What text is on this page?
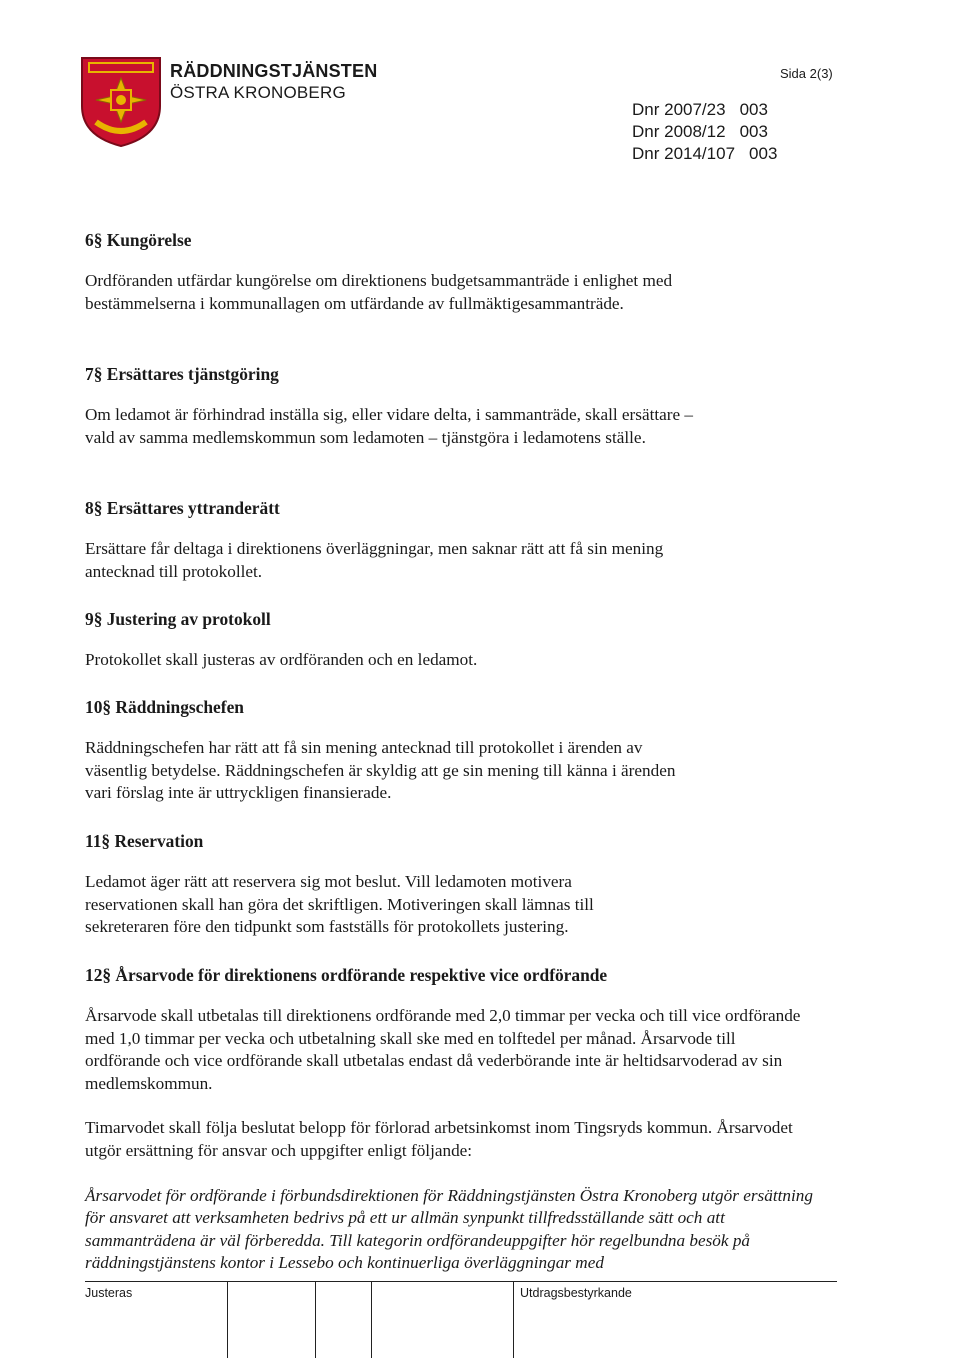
RÄDDNINGSTJÄNSTEN
ÖSTRA KRONOBERG
Sida 2(3)
Dnr 2007/23 003
Dnr 2008/12 003
Dnr 2014/107 003
6§ Kungörelse

Ordföranden utfärdar kungörelse om direktionens budgetsammanträde i enlighet med bestämmelserna i kommunallagen om utfärdande av fullmäktigesammanträde.

7§ Ersättares tjänstgöring

Om ledamot är förhindrad inställa sig, eller vidare delta, i sammanträde, skall ersättare – vald av samma medlemskommun som ledamoten – tjänstgöra i ledamotens ställe.

8§ Ersättares yttranderätt

Ersättare får deltaga i direktionens överläggningar, men saknar rätt att få sin mening antecknad till protokollet.

9§ Justering av protokoll

Protokollet skall justeras av ordföranden och en ledamot.

10§ Räddningschefen

Räddningschefen har rätt att få sin mening antecknad till protokollet i ärenden av väsentlig betydelse. Räddningschefen är skyldig att ge sin mening till känna i ärenden vari förslag inte är uttryckligen finansierade.

11§ Reservation

Ledamot äger rätt att reservera sig mot beslut. Vill ledamoten motivera reservationen skall han göra det skriftligen. Motiveringen skall lämnas till sekreteraren före den tidpunkt som fastställs för protokollets justering.

12§ Årsarvode för direktionens ordförande respektive vice ordförande

Årsarvode skall utbetalas till direktionens ordförande med 2,0 timmar per vecka och till vice ordförande med 1,0 timmar per vecka och utbetalning skall ske med en tolftedel per månad. Årsarvode till ordförande och vice ordförande skall utbetalas endast då vederbörande inte är heltidsarvoderad av sin medlemskommun.

Timarvodet skall följa beslutat belopp för förlorad arbetsinkomst inom Tingsryds kommun. Årsarvodet utgör ersättning för ansvar och uppgifter enligt följande:

Årsarvodet för ordförande i förbundsdirektionen för Räddningstjänsten Östra Kronoberg utgör ersättning för ansvaret att verksamheten bedrivs på ett ur allmän synpunkt tillfredsställande sätt och att sammanträdena är väl förberedda. Till kategorin ordförandeuppgifter hör regelbundna besök på räddningstjänstens kontor i Lessebo och kontinuerliga överläggningar med

Justeras	Utdragsbestyrkande
